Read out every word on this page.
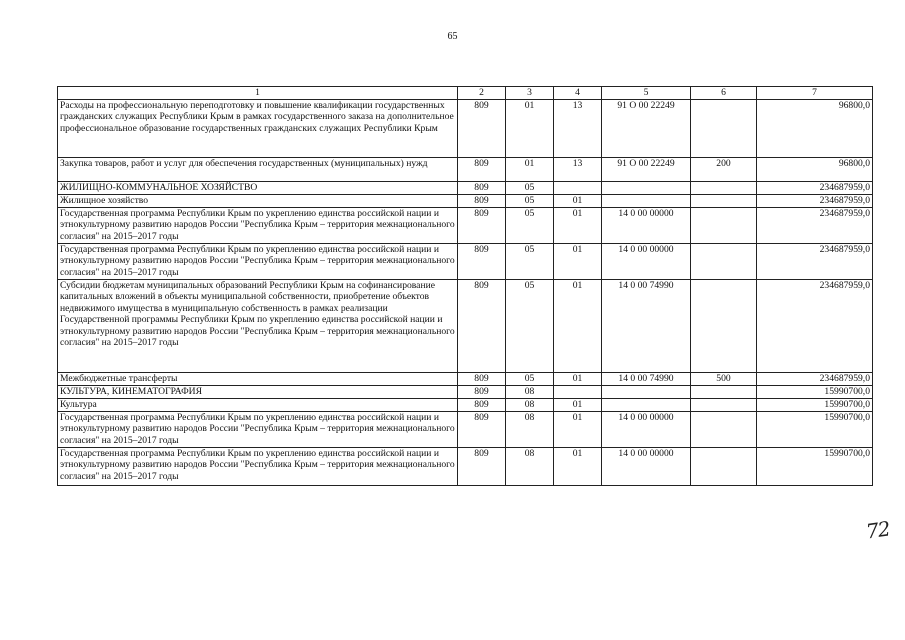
65
1	2	3	4	5	6	7
Расходы на профессиональную переподготовку и повышение квалификации государственных гражданских служащих Республики Крым в рамках государственного заказа на дополнительное профессиональное образование государственных гражданских служащих Республики Крым	809	01	13	91 О 00 22249		96800,0
Закупка товаров, работ и услуг для обеспечения государственных (муниципальных) нужд	809	01	13	91 О 00 22249	200	96800,0
ЖИЛИЩНО-КОММУНАЛЬНОЕ ХОЗЯЙСТВО	809	05				234687959,0
Жилищное хозяйство	809	05	01			234687959,0
Государственная программа Республики Крым по укреплению единства российской нации и этнокультурному развитию народов России "Республика Крым – территория межнационального согласия" на 2015–2017 годы	809	05	01	14 0 00 00000		234687959,0
Государственная программа Республики Крым по укреплению единства российской нации и этнокультурному развитию народов России "Республика Крым – территория межнационального согласия" на 2015–2017 годы	809	05	01	14 0 00 00000		234687959,0
Субсидии бюджетам муниципальных образований Республики Крым на софинансирование капитальных вложений в объекты муниципальной собственности, приобретение объектов недвижимого имущества в муниципальную собственность в рамках реализации Государственной программы Республики Крым по укреплению единства российской нации и этнокультурному развитию народов России "Республика Крым – территория межнационального согласия" на 2015–2017 годы	809	05	01	14 0 00 74990		234687959,0
Межбюджетные трансферты	809	05	01	14 0 00 74990	500	234687959,0
КУЛЬТУРА, КИНЕМАТОГРАФИЯ	809	08				15990700,0
Культура	809	08	01			15990700,0
Государственная программа Республики Крым по укреплению единства российской нации и этнокультурному развитию народов России "Республика Крым – территория межнационального согласия" на 2015–2017 годы	809	08	01	14 0 00 00000		15990700,0
Государственная программа Республики Крым по укреплению единства российской нации и этнокультурному развитию народов России "Республика Крым – территория межнационального согласия" на 2015–2017 годы	809	08	01	14 0 00 00000		15990700,0
72
